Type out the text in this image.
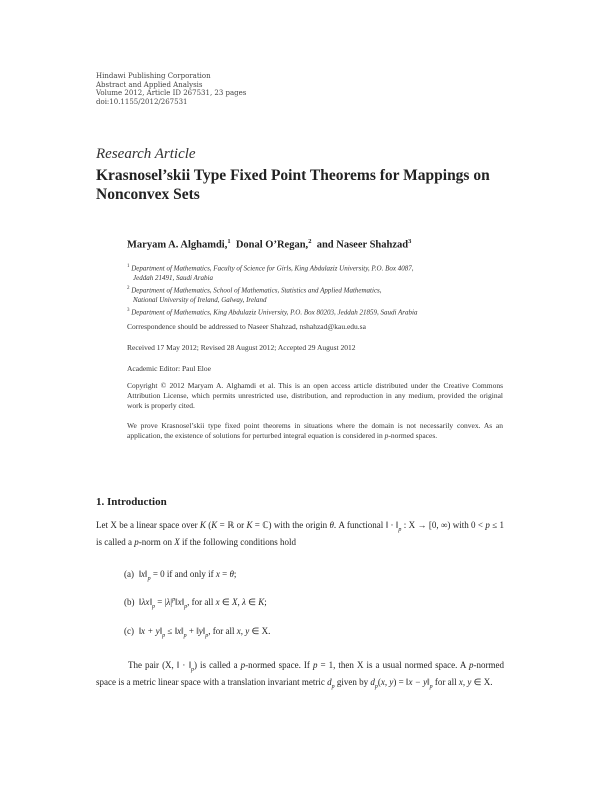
Hindawi Publishing Corporation
Abstract and Applied Analysis
Volume 2012, Article ID 267531, 23 pages
doi:10.1155/2012/267531
Research Article
Krasnosel’skii Type Fixed Point Theorems for Mappings on Nonconvex Sets
Maryam A. Alghamdi,$^1$ Donal O’Regan,$^2$ and Naseer Shahzad$^3$
$^1$ Department of Mathematics, Faculty of Science for Girls, King Abdulaziz University, P.O. Box 4087,
Jeddah 21491, Saudi Arabia
$^2$ Department of Mathematics, School of Mathematics, Statistics and Applied Mathematics,
National University of Ireland, Galway, Ireland
$^3$ Department of Mathematics, King Abdulaziz University, P.O. Box 80203, Jeddah 21859, Saudi Arabia
Correspondence should be addressed to Naseer Shahzad, nshahzad@kau.edu.sa
Received 17 May 2012; Revised 28 August 2012; Accepted 29 August 2012
Academic Editor: Paul Eloe
Copyright © 2012 Maryam A. Alghamdi et al. This is an open access article distributed under the Creative Commons Attribution License, which permits unrestricted use, distribution, and reproduction in any medium, provided the original work is properly cited.
We prove Krasnosel’skii type fixed point theorems in situations where the domain is not necessarily convex. As an application, the existence of solutions for perturbed integral equation is considered in p-normed spaces.
1. Introduction
Let X be a linear space over K (K = ℝ or K = ℂ) with the origin θ. A functional ‖ · $‖_p$ : X → [0, ∞) with 0 < p ≤ 1 is called a p-norm on X if the following conditions hold
(a) $‖x‖_p = 0$ if and only if x = θ;
(b) $‖\lambda x‖_p$ = $|\lambda|^p‖x‖_p$, for all x ∈ X, λ ∈ K;
(c) ‖x + $y‖_p$ ≤ $‖x‖_p$ + $‖y‖_p$, for all x, y ∈ X.
The pair (X, ‖ · $‖_p$) is called a p-normed space. If p = 1, then X is a usual normed space. A p-normed space is a metric linear space with a translation invariant metric $d_p$ given by $d_p(x$, y) = ‖x − $y‖_p$ for all x, y ∈ X.
